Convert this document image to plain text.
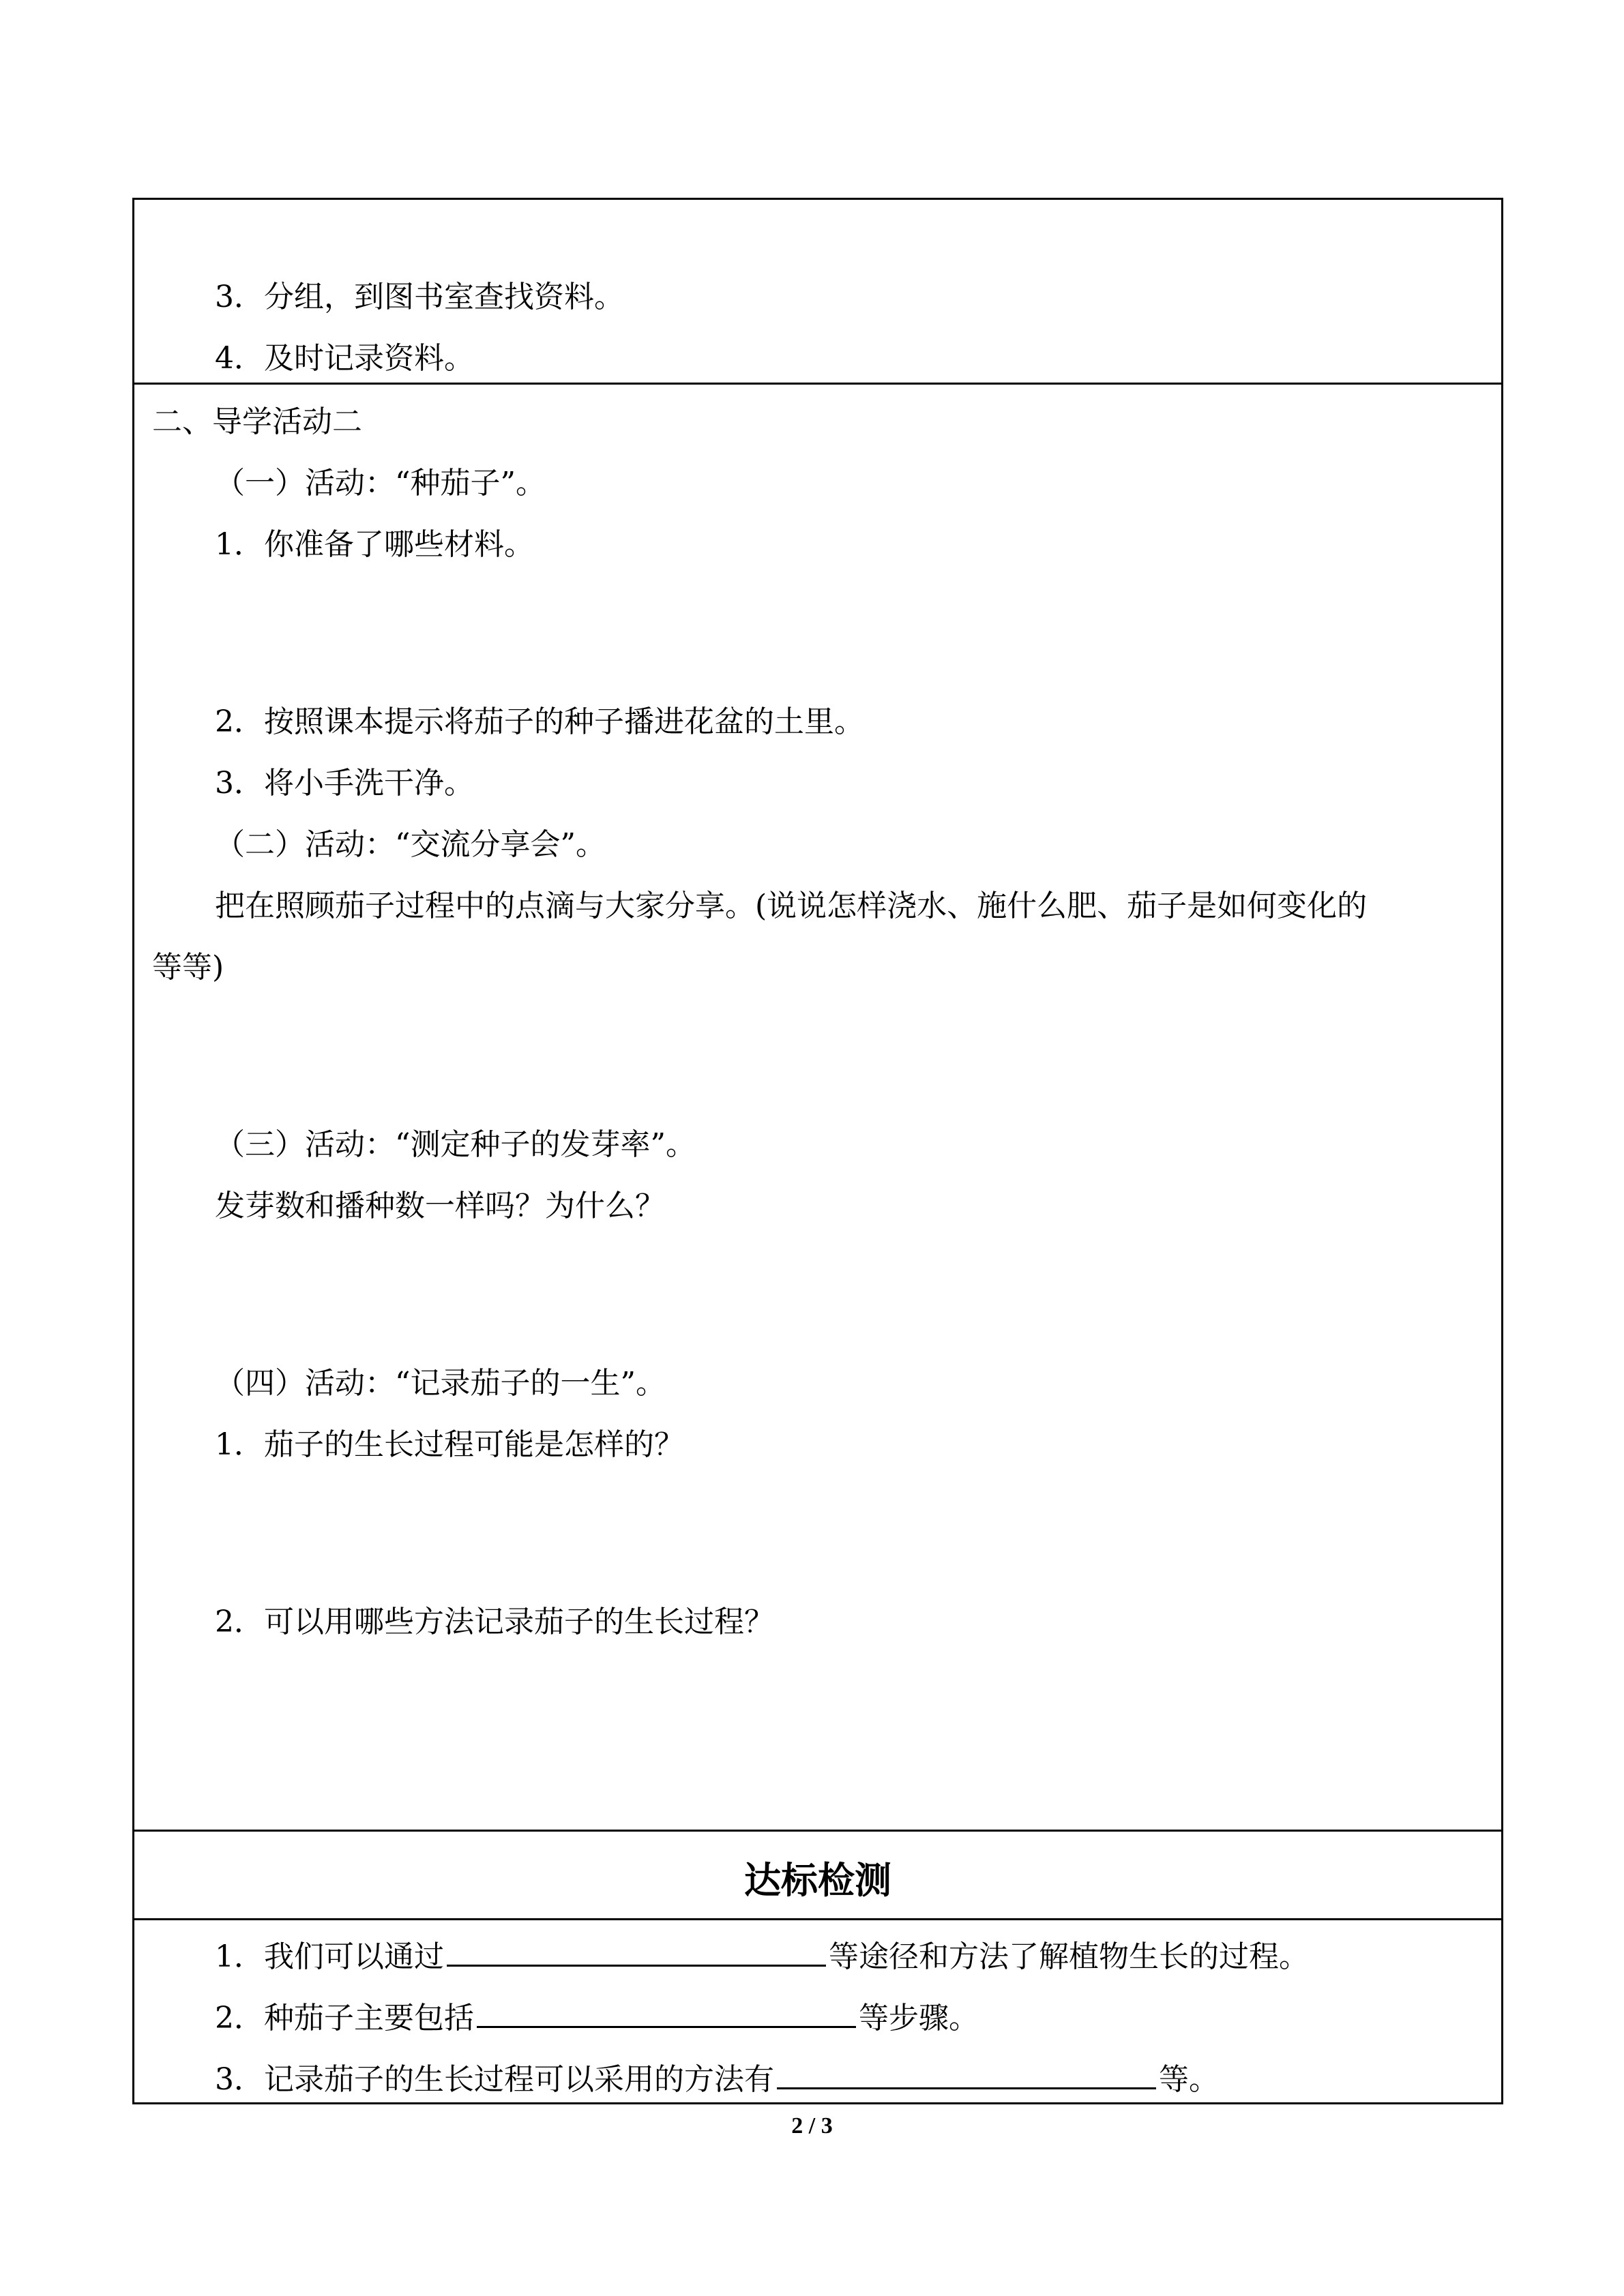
3．分组，到图书室查找资料。
4．及时记录资料。
二、导学活动二
（一）活动：“种茄子”。
1．你准备了哪些材料。
2．按照课本提示将茄子的种子播进花盆的土里。
3．将小手洗干净。
（二）活动：“交流分享会”。
把在照顾茄子过程中的点滴与大家分享。(说说怎样浇水、施什么肥、茄子是如何变化的
等等)
（三）活动：“测定种子的发芽率”。
发芽数和播种数一样吗？为什么？
（四）活动：“记录茄子的一生”。
1．茄子的生长过程可能是怎样的？
2．可以用哪些方法记录茄子的生长过程？
达标检测
1．我们可以通过	等途径和方法了解植物生长的过程。
2．种茄子主要包括	等步骤。
3．记录茄子的生长过程可以采用的方法有	等。
2 / 3
